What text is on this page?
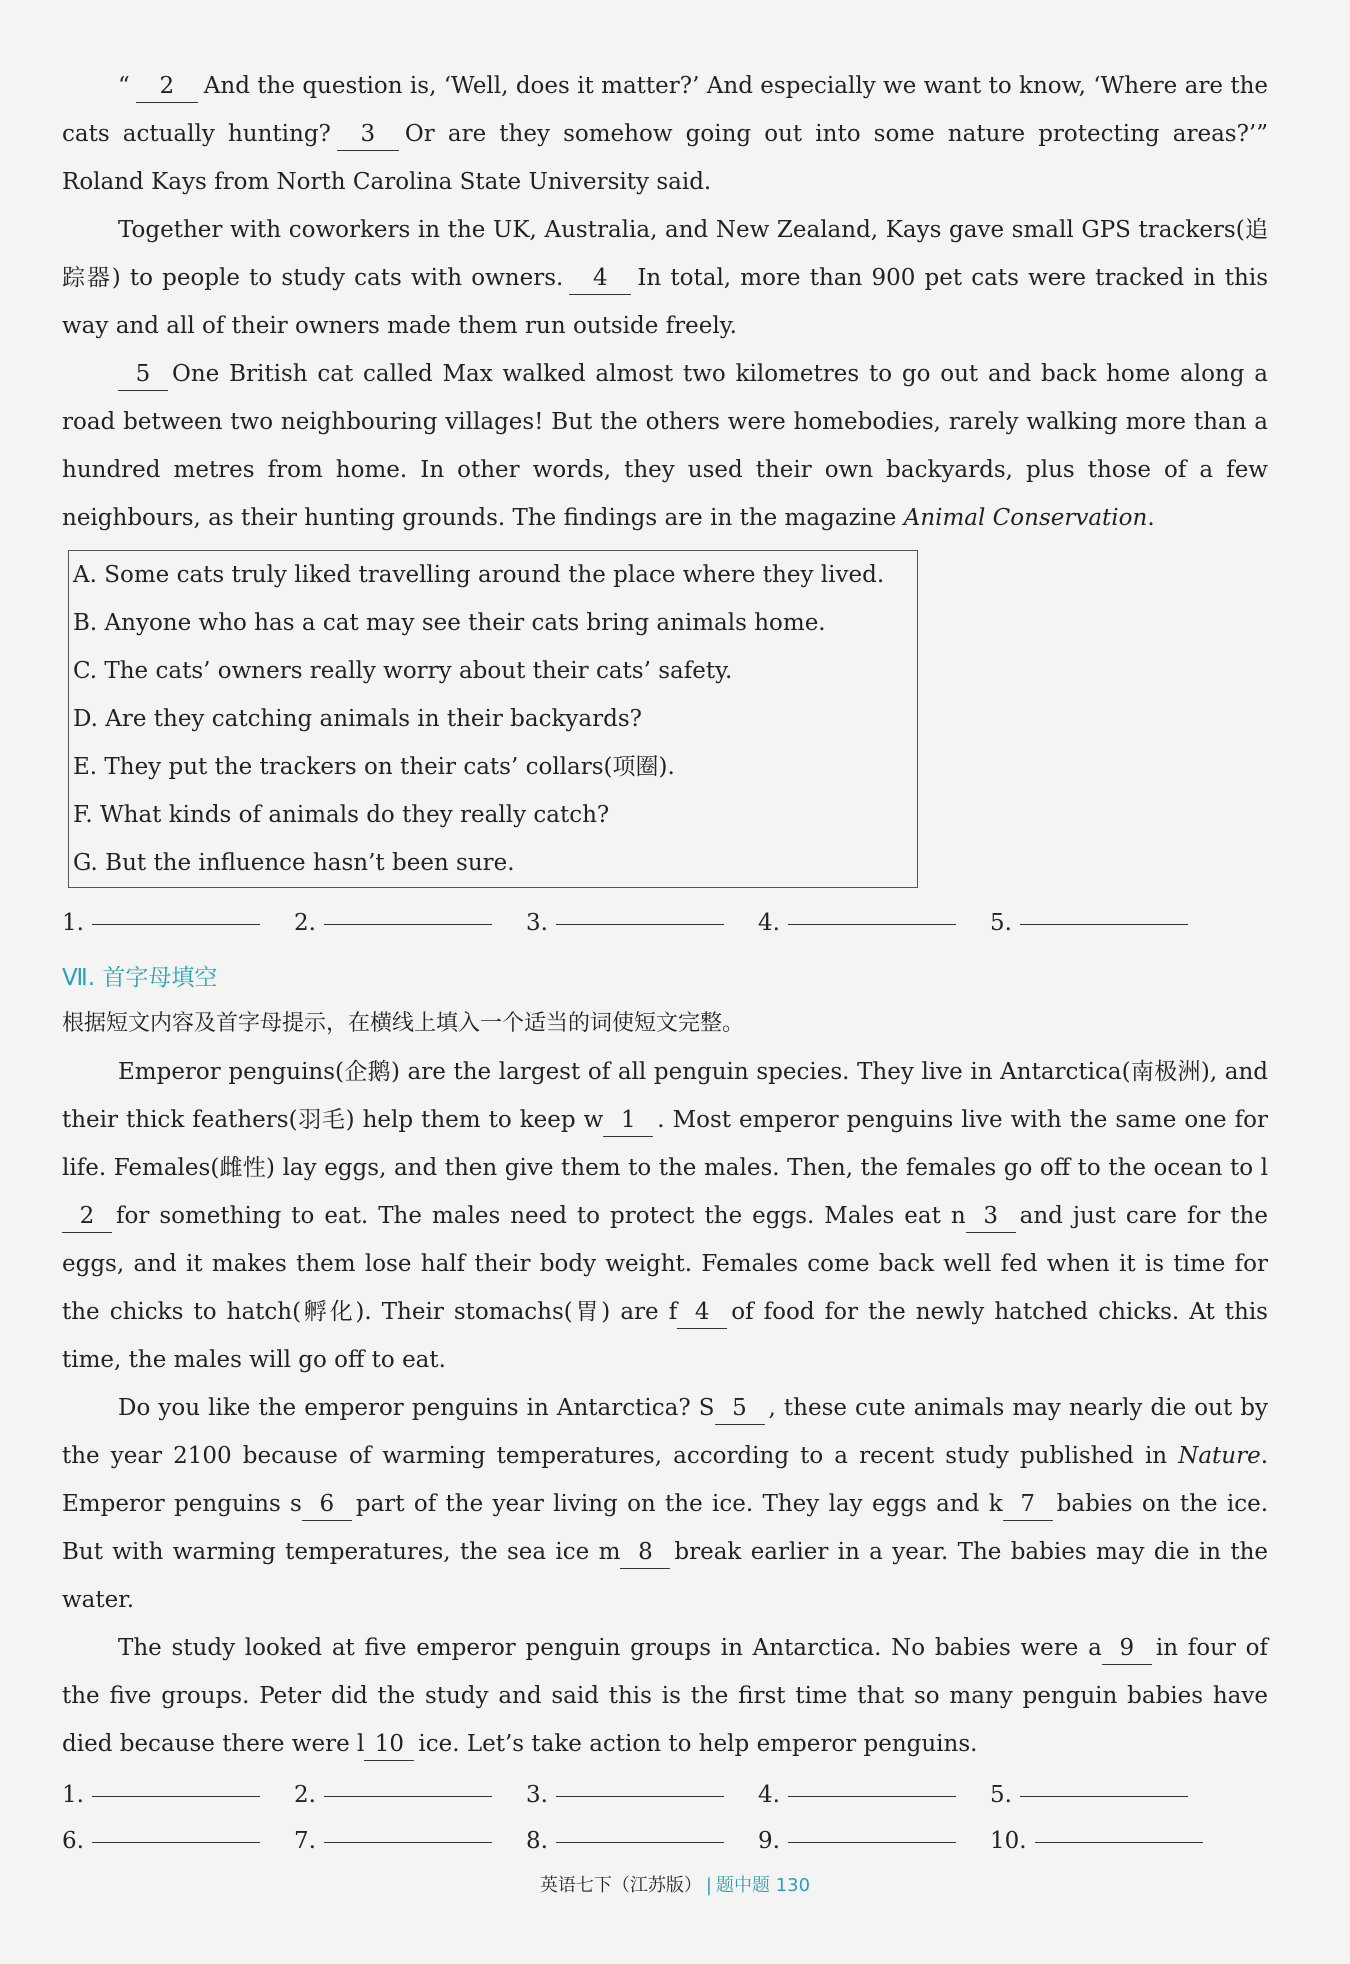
“ 2 And the question is, ‘Well, does it matter?’ And especially we want to know, ‘Where are the cats actually hunting? 3 Or are they somehow going out into some nature protecting areas?’” Roland Kays from North Carolina State University said.

Together with coworkers in the UK, Australia, and New Zealand, Kays gave small GPS trackers(追踪器) to people to study cats with owners. 4 In total, more than 900 pet cats were tracked in this way and all of their owners made them run outside freely.

5 One British cat called Max walked almost two kilometres to go out and back home along a road between two neighbouring villages! But the others were homebodies, rarely walking more than a hundred metres from home. In other words, they used their own backyards, plus those of a few neighbours, as their hunting grounds. The findings are in the magazine Animal Conservation.

A. Some cats truly liked travelling around the place where they lived.
B. Anyone who has a cat may see their cats bring animals home.
C. The cats’ owners really worry about their cats’ safety.
D. Are they catching animals in their backyards?
E. They put the trackers on their cats’ collars(项圈).
F. What kinds of animals do they really catch?
G. But the influence hasn’t been sure.
1.	2.	3.	4.	5.
Ⅶ. 首字母填空
根据短文内容及首字母提示，在横线上填入一个适当的词使短文完整。

Emperor penguins(企鹅) are the largest of all penguin species. They live in Antarctica(南极洲), and their thick feathers(羽毛) help them to keep w 1 . Most emperor penguins live with the same one for life. Females(雌性) lay eggs, and then give them to the males. Then, the females go off to the ocean to l2 for something to eat. The males need to protect the eggs. Males eat n 3 and just care for the eggs, and it makes them lose half their body weight. Females come back well fed when it is time for the chicks to hatch(孵化). Their stomachs(胃) are f 4 of food for the newly hatched chicks. At this time, the males will go off to eat.

Do you like the emperor penguins in Antarctica? S 5 , these cute animals may nearly die out by the year 2100 because of warming temperatures, according to a recent study published in Nature. Emperor penguins s 6 part of the year living on the ice. They lay eggs and k 7 babies on the ice. But with warming temperatures, the sea ice m 8 break earlier in a year. The babies may die in the water.

The study looked at five emperor penguin groups in Antarctica. No babies were a 9 in four of the five groups. Peter did the study and said this is the first time that so many penguin babies have died because there were l 10 ice. Let’s take action to help emperor penguins.

1.	2.	3.	4.	5.
6.	7.	8.	9.	10.
英语七下（江苏版） | 题中题 130
